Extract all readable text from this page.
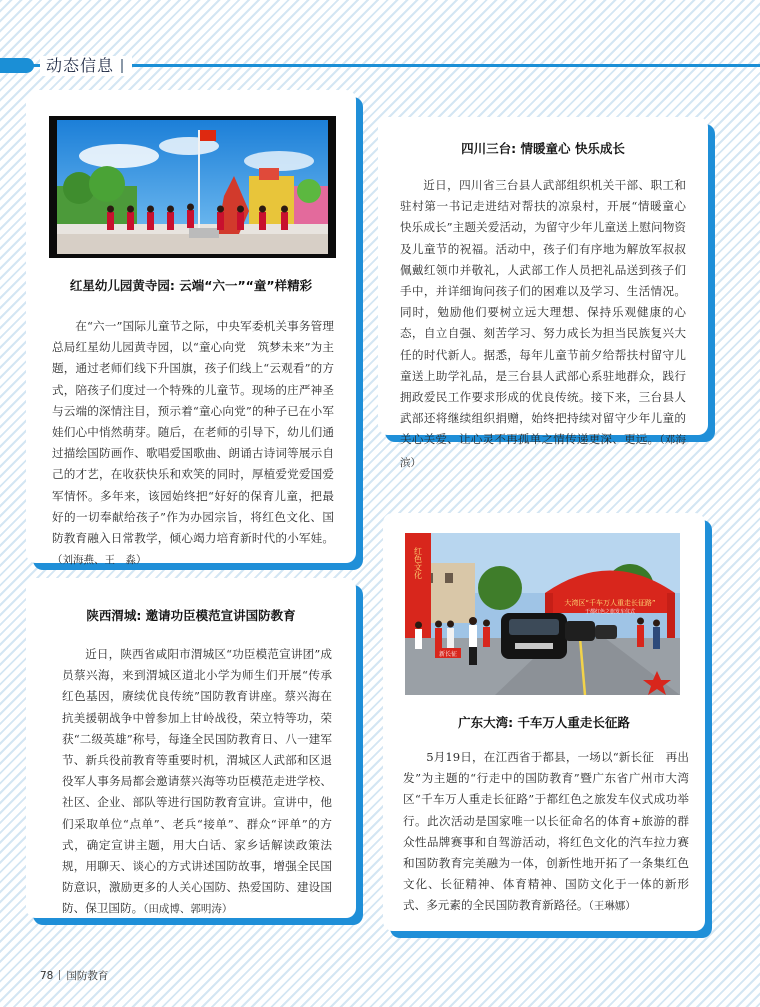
动态信息
红星幼儿园黄寺园: 云端“六一”“童”样精彩

在“六一”国际儿童节之际，中央军委机关事务管理总局红星幼儿园黄寺园，以“童心向党　筑梦未来”为主题，通过老师们线下升国旗，孩子们线上“云观看”的方式，陪孩子们度过一个特殊的儿童节。现场的庄严神圣与云端的深情注目，预示着“童心向党”的种子已在小军娃们心中悄然萌芽。随后，在老师的引导下，幼儿们通过描绘国防画作、歌唱爱国歌曲、朗诵古诗词等展示自己的才艺，在收获快乐和欢笑的同时，厚植爱党爱国爱军情怀。多年来，该园始终把“好好的保育儿童，把最好的一切奉献给孩子”作为办园宗旨，将红色文化、国防教育融入日常教学，倾心竭力培育新时代的小军娃。（刘海燕、王　淼）

四川三台: 情暖童心 快乐成长

近日，四川省三台县人武部组织机关干部、职工和驻村第一书记走进结对帮扶的凉泉村，开展“情暖童心　快乐成长”主题关爱活动，为留守少年儿童送上慰问物资及儿童节的祝福。活动中，孩子们有序地为解放军叔叔佩戴红领巾并敬礼，人武部工作人员把礼品送到孩子们手中，并详细询问孩子们的困难以及学习、生活情况。同时，勉励他们要树立远大理想、保持乐观健康的心态，自立自强、刻苦学习、努力成长为担当民族复兴大任的时代新人。据悉，每年儿童节前夕给帮扶村留守儿童送上助学礼品，是三台县人武部心系驻地群众，践行拥政爱民工作要求形成的优良传统。接下来，三台县人武部还将继续组织捐赠，始终把持续对留守少年儿童的关心关爱、让心灵不再孤单之情传递更深、更远。（邓海滨）

陕西渭城: 邀请功臣模范宣讲国防教育

近日，陕西省咸阳市渭城区“功臣模范宣讲团”成员蔡兴海，来到渭城区道北小学为师生们开展“传承红色基因，赓续优良传统”国防教育讲座。蔡兴海在抗美援朝战争中曾参加上甘岭战役，荣立特等功，荣获“二级英雄”称号，每逢全民国防教育日、八一建军节、新兵役前教育等重要时机，渭城区人武部和区退役军人事务局都会邀请蔡兴海等功臣模范走进学校、社区、企业、部队等进行国防教育宣讲。宣讲中，他们采取单位“点单”、老兵“接单”、群众“评单”的方式，确定宣讲主题，用大白话、家乡话解读政策法规，用聊天、谈心的方式讲述国防故事，增强全民国防意识，激励更多的人关心国防、热爱国防、建设国防、保卫国防。（田成博、郭明涛）

大湾区“千车万人重走长征路”
于都红色之旅发车仪式
红色文化
新长征
广东大湾: 千车万人重走长征路

5月19日，在江西省于都县，一场以“新长征　再出发”为主题的“行走中的国防教育”暨广东省广州市大湾区“千车万人重走长征路”于都红色之旅发车仪式成功举行。此次活动是国家唯一以长征命名的体育+旅游的群众性品牌赛事和自驾游活动，将红色文化的汽车拉力赛和国防教育完美融为一体，创新性地开拓了一条集红色文化、长征精神、体育精神、国防文化于一体的新形式、多元素的全民国防教育新路径。（王琳娜）

78 国防教育
